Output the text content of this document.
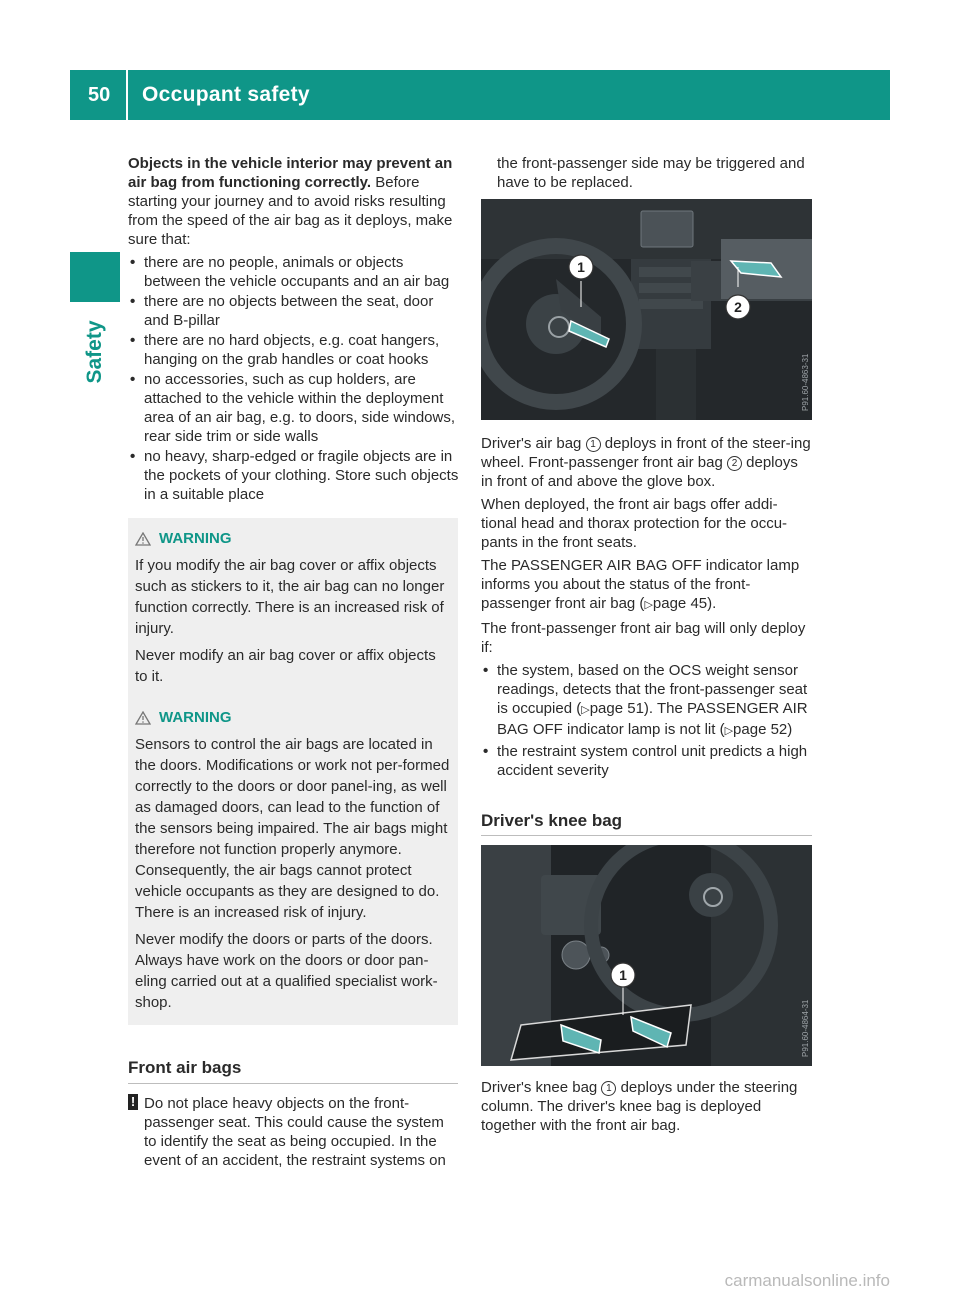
50 Occupant safety
Safety

Objects in the vehicle interior may prevent an air bag from functioning correctly. Before starting your journey and to avoid risks resulting from the speed of the air bag as it deploys, make sure that:

• there are no people, animals or objects between the vehicle occupants and an air bag
• there are no objects between the seat, door and B-pillar
• there are no hard objects, e.g. coat hangers, hanging on the grab handles or coat hooks
• no accessories, such as cup holders, are attached to the vehicle within the deployment area of an air bag, e.g. to doors, side windows, rear side trim or side walls
• no heavy, sharp-edged or fragile objects are in the pockets of your clothing. Store such objects in a suitable place
WARNING

If you modify the air bag cover or affix objects such as stickers to it, the air bag can no longer function correctly. There is an increased risk of injury.

Never modify an air bag cover or affix objects to it.

WARNING

Sensors to control the air bags are located in the doors. Modifications or work not per-formed correctly to the doors or door panel-ing, as well as damaged doors, can lead to the function of the sensors being impaired. The air bags might therefore not function properly anymore. Consequently, the air bags cannot protect vehicle occupants as they are designed to do. There is an increased risk of injury.

Never modify the doors or parts of the doors. Always have work on the doors or door pan-eling carried out at a qualified specialist work-shop.

Front air bags
! Do not place heavy objects on the front-passenger seat. This could cause the system to identify the seat as being occupied. In the event of an accident, the restraint systems on

the front-passenger side may be triggered and have to be replaced.

1
2
P91.60-4863-31

Driver's air bag 1 deploys in front of the steer-ing wheel. Front-passenger front air bag 2 deploys in front of and above the glove box.

When deployed, the front air bags offer addi-tional head and thorax protection for the occu-pants in the front seats.

The PASSENGER AIR BAG OFF indicator lamp informs you about the status of the front-passenger front air bag (▷page 45).

The front-passenger front air bag will only deploy if:

• the system, based on the OCS weight sensor readings, detects that the front-passenger seat is occupied (▷page 51). The PASSENGER AIR BAG OFF indicator lamp is not lit (▷page 52)
• the restraint system control unit predicts a high accident severity
Driver's knee bag
1
P91.60-4864-31

Driver's knee bag 1 deploys under the steering column. The driver's knee bag is deployed together with the front air bag.

carmanualsonline.info
